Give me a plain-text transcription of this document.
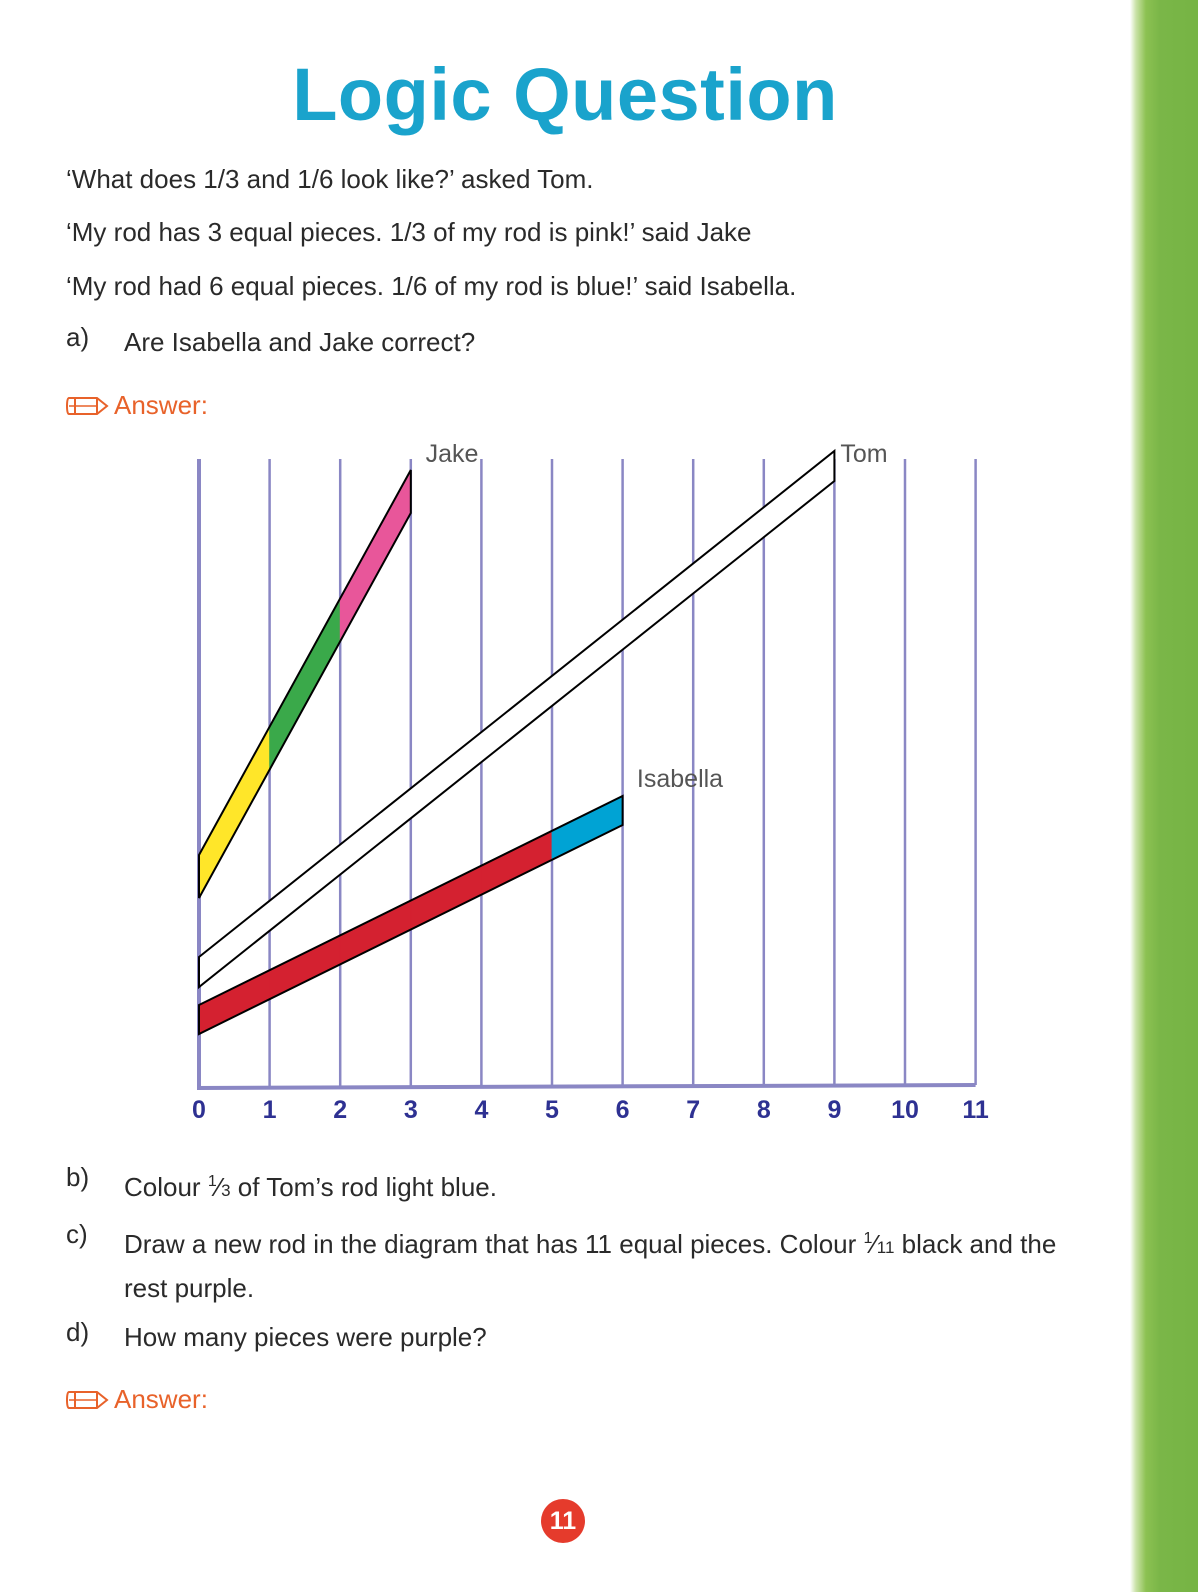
Logic Question
‘What does 1/3 and 1/6 look like?’ asked Tom.
‘My rod has 3 equal pieces. 1/3 of my rod is pink!’ said Jake
‘My rod had 6 equal pieces. 1/6 of my rod is blue!’ said Isabella.
a) Are Isabella and Jake correct?
Answer:
0 1 2 3 4 5 6 7 8 9 10 11
Jake	Tom
Isabella
b) Colour $^1$⁄3 of Tom’s rod light blue.
c) Draw a new rod in the diagram that has 11 equal pieces. Colour $^1$⁄11 black and the rest purple.
d) How many pieces were purple?
Answer:
11
